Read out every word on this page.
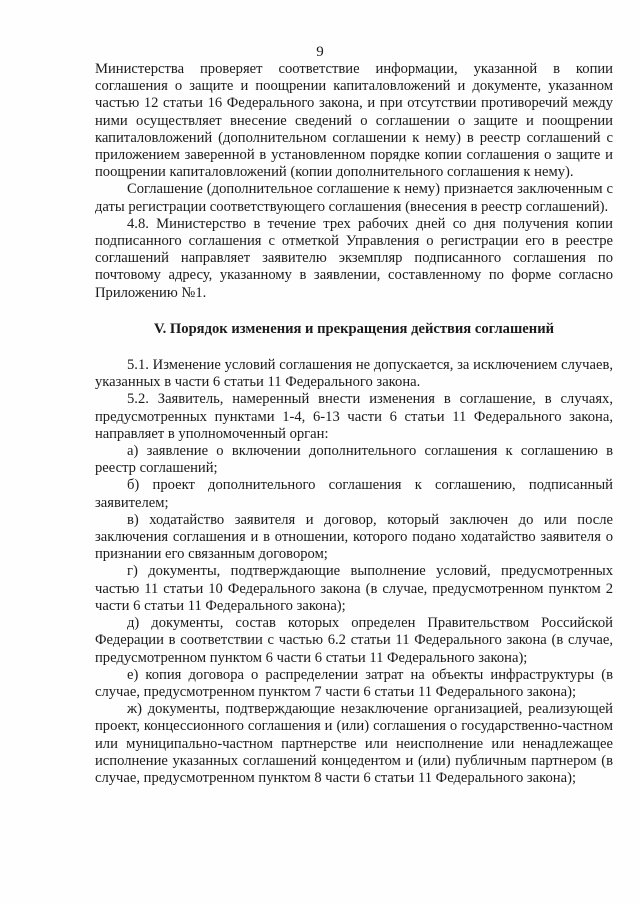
9

Министерства проверяет соответствие информации, указанной в копии соглашения о защите и поощрении капиталовложений и документе, указанном частью 12 статьи 16 Федерального закона, и при отсутствии противоречий между ними осуществляет внесение сведений о соглашении о защите и поощрении капиталовложений (дополнительном соглашении к нему) в реестр соглашений с приложением заверенной в установленном порядке копии соглашения о защите и поощрении капиталовложений (копии дополнительного соглашения к нему).

Соглашение (дополнительное соглашение к нему) признается заключенным с даты регистрации соответствующего соглашения (внесения в реестр соглашений).

4.8. Министерство в течение трех рабочих дней со дня получения копии подписанного соглашения с отметкой Управления о регистрации его в реестре соглашений направляет заявителю экземпляр подписанного соглашения по почтовому адресу, указанному в заявлении, составленному по форме согласно Приложению №1.

V. Порядок изменения и прекращения действия соглашений

5.1. Изменение условий соглашения не допускается, за исключением случаев, указанных в части 6 статьи 11 Федерального закона.

5.2. Заявитель, намеренный внести изменения в соглашение, в случаях, предусмотренных пунктами 1-4, 6-13 части 6 статьи 11 Федерального закона, направляет в уполномоченный орган:

а) заявление о включении дополнительного соглашения к соглашению в реестр соглашений;

б) проект дополнительного соглашения к соглашению, подписанный заявителем;

в) ходатайство заявителя и договор, который заключен до или после заключения соглашения и в отношении, которого подано ходатайство заявителя о признании его связанным договором;

г) документы, подтверждающие выполнение условий, предусмотренных частью 11 статьи 10 Федерального закона (в случае, предусмотренном пунктом 2 части 6 статьи 11 Федерального закона);

д) документы, состав которых определен Правительством Российской Федерации в соответствии с частью 6.2 статьи 11 Федерального закона (в случае, предусмотренном пунктом 6 части 6 статьи 11 Федерального закона);

е) копия договора о распределении затрат на объекты инфраструктуры (в случае, предусмотренном пунктом 7 части 6 статьи 11 Федерального закона);

ж) документы, подтверждающие незаключение организацией, реализующей проект, концессионного соглашения и (или) соглашения о государственно-частном или муниципально-частном партнерстве или неисполнение или ненадлежащее исполнение указанных соглашений концедентом и (или) публичным партнером (в случае, предусмотренном пунктом 8 части 6 статьи 11 Федерального закона);
